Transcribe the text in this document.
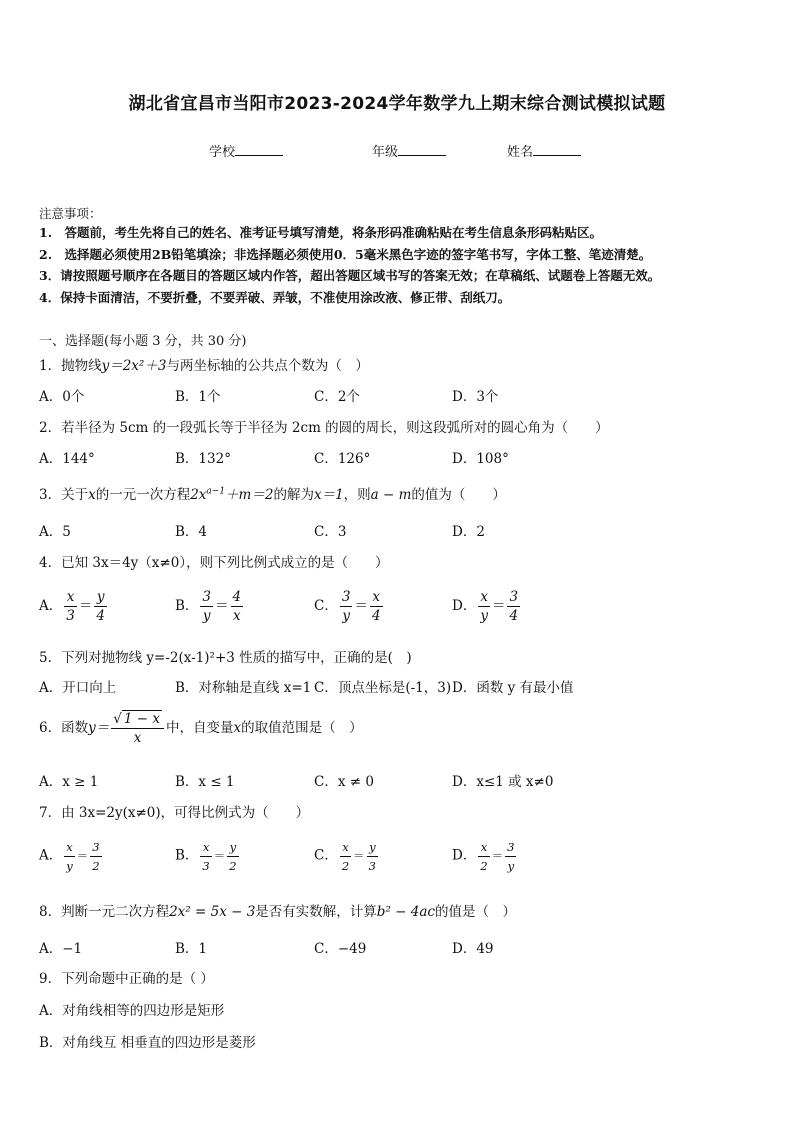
湖北省宜昌市当阳市2023-2024学年数学九上期末综合测试模拟试题
学校	年级	姓名
注意事项：
1.　答题前，考生先将自己的姓名、准考证号填写清楚，将条形码准确粘贴在考生信息条形码粘贴区。
2.　选择题必须使用2B铅笔填涂；非选择题必须使用0．5毫米黑色字迹的签字笔书写，字体工整、笔迹清楚。
3．请按照题号顺序在各题目的答题区域内作答，超出答题区域书写的答案无效；在草稿纸、试题卷上答题无效。
4．保持卡面清洁，不要折叠，不要弄破、弄皱，不准使用涂改液、修正带、刮纸刀。
一、选择题(每小题 3 分，共 30 分)
1．抛物线y＝2x²＋3与两坐标轴的公共点个数为（　）
A．0个	B．1个	C．2个	D．3个
2．若半径为 5cm 的一段弧长等于半径为 2cm 的圆的周长，则这段弧所对的圆心角为（　　）
A．144°	B．132°	C．126°	D．108°
3．关于x的一元一次方程$2x^{a-1}+m=2$的解为x＝1，则a − m的值为（　　）
A．5	B．4	C．3	D．2
4．已知 3x＝4y（x≠0），则下列比例式成立的是（　　）
A． $\frac{x}{3} = \frac{y}{4}$	B． $\frac{3}{y} = \frac{4}{x}$	C． $\frac{3}{y} = \frac{x}{4}$	D． $\frac{x}{y} = \frac{3}{4}$
5．下列对抛物线 y=-2(x-1)²+3 性质的描写中，正确的是(　)
A．开口向上	B．对称轴是直线 x=1 C．顶点坐标是(-1，3) D．函数 y 有最小值
6．函数$y= \frac{√ 1 - x}{x}$ 中，自变量x的取值范围是（　）
A．x ≥ 1	B．x ≤ 1	C．x ≠ 0	D．x≤1 或 x≠0
7．由 3x=2y(x≠0)，可得比例式为（　　）
A． $\frac{x}{y} = \frac{3}{2}$	B． $\frac{x}{3} = \frac{y}{2}$	C． $\frac{x}{2} = \frac{y}{3}$	D． $\frac{x}{2} = \frac{3}{y}$
8．判断一元二次方程2x² = 5x − 3是否有实数解，计算b² − 4ac的值是（　）
A．−1	B．1	C．−49	D．49
9．下列命题中正确的是（ ）
A．对角线相等的四边形是矩形
B．对角线互 相垂直的四边形是菱形
